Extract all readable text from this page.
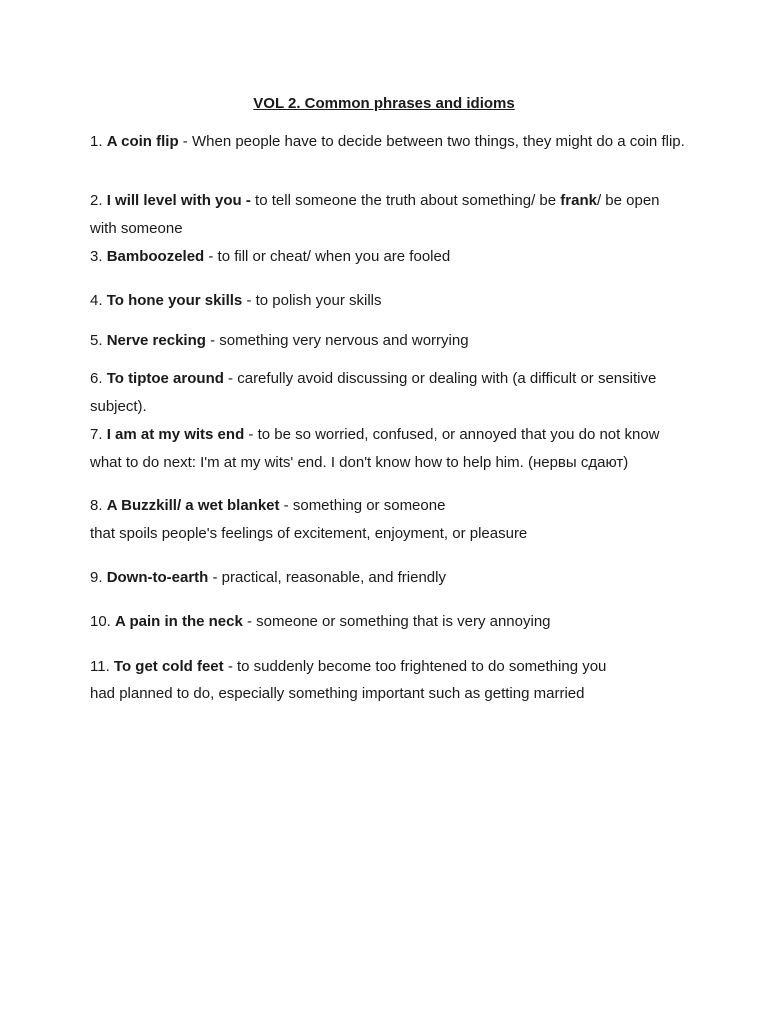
VOL 2. Common phrases and idioms
1. A coin flip - When people have to decide between two things, they might do a coin flip.
2. I will level with you - to tell someone the truth about something/ be frank/ be open
with someone
3. Bamboozeled - to fill or cheat/ when you are fooled
4. To hone your skills - to polish your skills
5. Nerve recking - something very nervous and worrying
6. To tiptoe around - carefully avoid discussing or dealing with (a difficult or sensitive
subject).
7. I am at my wits end - to be so worried, confused, or annoyed that you do not know
what to do next: I'm at my wits' end. I don't know how to help him. (нервы сдают)
8. A Buzzkill/ a wet blanket - something or someone
that spoils people's feelings of excitement, enjoyment, or pleasure
9. Down-to-earth - practical, reasonable, and friendly
10. A pain in the neck - someone or something that is very annoying
11. To get cold feet - to suddenly become too frightened to do something you
had planned to do, especially something important such as getting married
